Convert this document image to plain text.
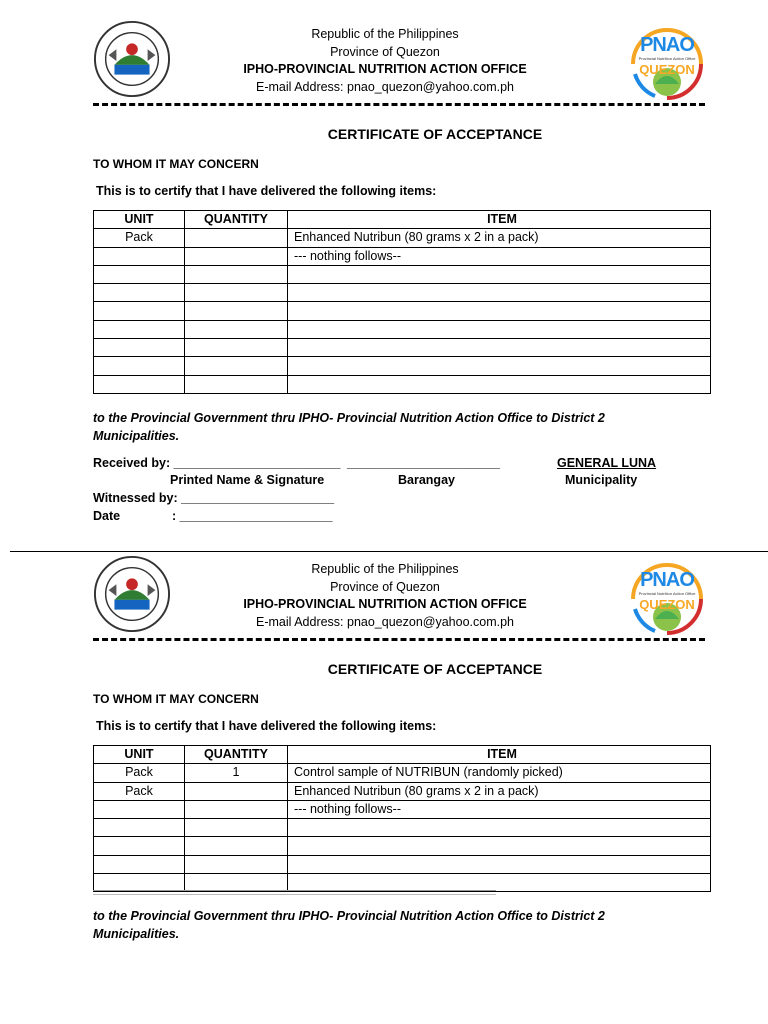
PNAO
Provincial Nutrition Action Office
QUEZON
Republic of the Philippines
Province of Quezon
IPHO-PROVINCIAL NUTRITION ACTION OFFICE
E-mail Address: pnao_quezon@yahoo.com.ph
CERTIFICATE OF ACCEPTANCE
TO WHOM IT MAY CONCERN
This is to certify that I have delivered the following items:
UNIT	QUANTITY	ITEM
Pack		Enhanced Nutribun (80 grams x 2 in a pack)
		--- nothing follows--

to the Provincial Government thru IPHO- Provincial Nutrition Action Office to District 2
Municipalities.
Received by: ________________________ ______________________	GENERAL LUNA
Printed Name & Signature	Barangay	Municipality
Witnessed by: ______________________
Date	: ______________________
PNAO
Provincial Nutrition Action Office
QUEZON
Republic of the Philippines
Province of Quezon
IPHO-PROVINCIAL NUTRITION ACTION OFFICE
E-mail Address: pnao_quezon@yahoo.com.ph
CERTIFICATE OF ACCEPTANCE
TO WHOM IT MAY CONCERN
This is to certify that I have delivered the following items:
UNIT	QUANTITY	ITEM
Pack	1	Control sample of NUTRIBUN (randomly picked)
Pack		Enhanced Nutribun (80 grams x 2 in a pack)
		--- nothing follows--

to the Provincial Government thru IPHO- Provincial Nutrition Action Office to District 2
Municipalities.
